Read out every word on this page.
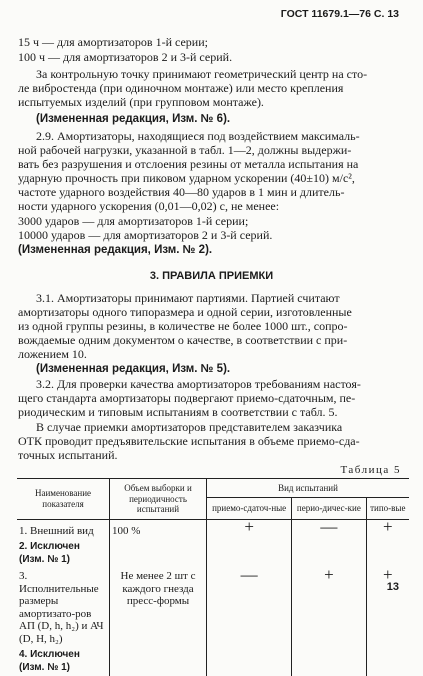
ГОСТ 11679.1—76 С. 13
15 ч — для амортизаторов 1-й серии;
100 ч — для амортизаторов 2 и 3-й серий.
За контрольную точку принимают геометрический центр на сто-
ле вибростенда (при одиночном монтаже) или место крепления
испытуемых изделий (при групповом монтаже).
(Измененная редакция, Изм. № 6).
2.9. Амортизаторы, находящиеся под воздействием максималь-
ной рабочей нагрузки, указанной в табл. 1—2, должны выдержи-
вать без разрушения и отслоения резины от металла испытания на
ударную прочность при пиковом ударном ускорении (40±10) м/с²,
частоте ударного воздействия 40—80 ударов в 1 мин и длитель-
ности ударного ускорения (0,01—0,02) с, не менее:
3000 ударов — для амортизаторов 1-й серии;
10000 ударов — для амортизаторов 2 и 3-й серий.
(Измененная редакция, Изм. № 2).
3. ПРАВИЛА ПРИЕМКИ
3.1. Амортизаторы принимают партиями. Партией считают
амортизаторы одного типоразмера и одной серии, изготовленные
из одной группы резины, в количестве не более 1000 шт., сопро-
вождаемые одним документом о качестве, в соответствии с при-
ложением 10.
(Измененная редакция, Изм. № 5).
3.2. Для проверки качества амортизаторов требованиям настоя-
щего стандарта амортизаторы подвергают приемо-сдаточным, пе-
риодическим и типовым испытаниям в соответствии с табл. 5.
В случае приемки амортизаторов представителем заказчика
ОТК проводит предъявительские испытания в объеме приемо-сда-
точных испытаний.
Таблица 5
Наименование показателя	Объем выборки и периодичность испытаний	Вид испытаний		
		приемо-сдаточ-ные	перио-дичес-кие	типо-вые
1. Внешний вид	100 %	+	—	+
2. Исключен (Изм. № 1)				
3. Исполнительные размеры амортизато-ров АП (D, h, h₂) и АЧ (D, H, h₂)	Не менее 2 шт с каждого гнезда пресс-формы	—	+	+
4. Исключен (Изм. № 1)				
13
